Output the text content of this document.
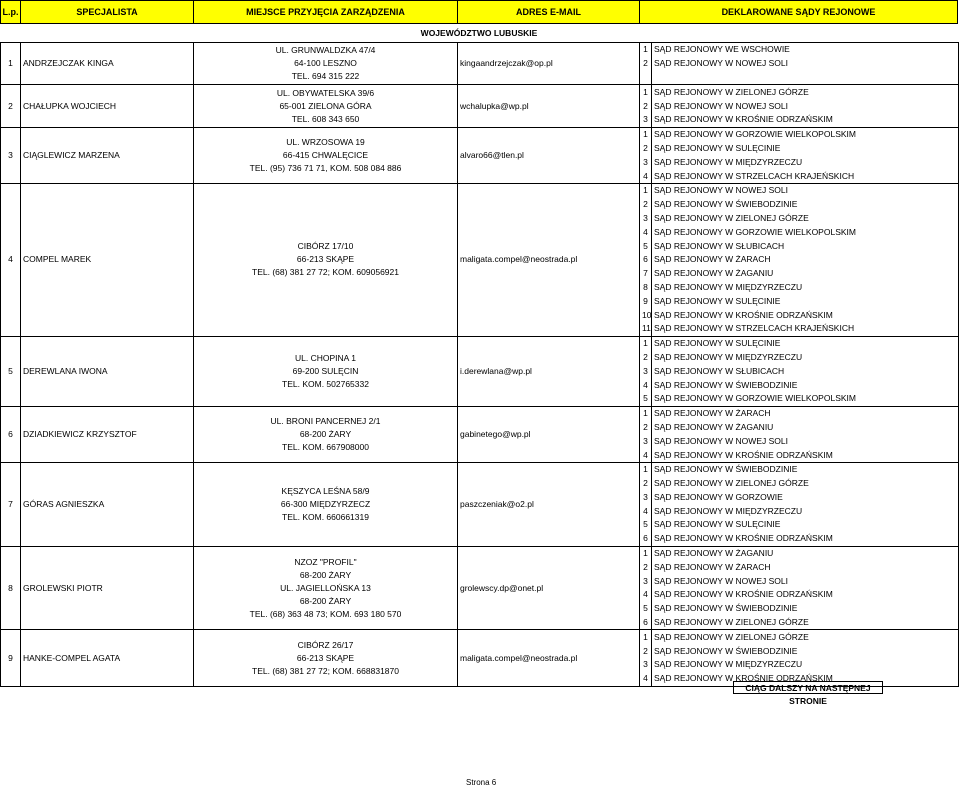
L.p.	SPECJALISTA	MIEJSCE PRZYJĘCIA ZARZĄDZENIA	ADRES E-MAIL	DEKLAROWANE SĄDY REJONOWE
WOJEWÓDZTWO LUBUSKIE
1	ANDRZEJCZAK KINGA	UL. GRUNWALDZKA 47/4
64-100 LESZNO
TEL. 694 315 222	kingaandrzejczak@op.pl	1	SĄD REJONOWY WE WSCHOWIE
				2	SĄD REJONOWY W NOWEJ SOLI

2	CHAŁUPKA WOJCIECH	UL. OBYWATELSKA 39/6
65-001 ZIELONA GÓRA
TEL. 608 343 650	wchalupka@wp.pl	1	SĄD REJONOWY W ZIELONEJ GÓRZE
				2	SĄD REJONOWY W NOWEJ SOLI
				3	SĄD REJONOWY W KROŚNIE ODRZAŃSKIM
3	CIĄGLEWICZ MARZENA	UL. WRZOSOWA 19
66-415 CHWALĘCICE
TEL. (95) 736 71 71, KOM. 508 084 886	alvaro66@tlen.pl	1	SĄD REJONOWY W GORZOWIE WIELKOPOLSKIM
				2	SĄD REJONOWY W SULĘCINIE
				3	SĄD REJONOWY W MIĘDZYRZECZU
				4	SĄD REJONOWY W STRZELCACH KRAJEŃSKICH
4	COMPEL MAREK	CIBÓRZ 17/10
66-213 SKĄPE
TEL. (68) 381 27 72; KOM. 609056921	maligata.compel@neostrada.pl	1	SĄD REJONOWY W NOWEJ SOLI
				2	SĄD REJONOWY W ŚWIEBODZINIE
				3	SĄD REJONOWY W ZIELONEJ GÓRZE
				4	SĄD REJONOWY W GORZOWIE WIELKOPOLSKIM
				5	SĄD REJONOWY W SŁUBICACH
				6	SĄD REJONOWY W ŻARACH
				7	SĄD REJONOWY W ŻAGANIU
				8	SĄD REJONOWY W MIĘDZYRZECZU
				9	SĄD REJONOWY W SULĘCINIE
				10	SĄD REJONOWY W KROŚNIE ODRZAŃSKIM
				11	SĄD REJONOWY W STRZELCACH KRAJEŃSKICH
5	DEREWLANA IWONA	UL. CHOPINA 1
69-200 SULĘCIN
TEL. KOM. 502765332	i.derewlana@wp.pl	1	SĄD REJONOWY W SULĘCINIE
				2	SĄD REJONOWY W MIĘDZYRZECZU
				3	SĄD REJONOWY W SŁUBICACH
				4	SĄD REJONOWY W ŚWIEBODZINIE
				5	SĄD REJONOWY W GORZOWIE WIELKOPOLSKIM
6	DZIADKIEWICZ KRZYSZTOF	UL. BRONI PANCERNEJ 2/1
68-200 ŻARY
TEL. KOM. 667908000	gabinetego@wp.pl	1	SĄD REJONOWY W ŻARACH
				2	SĄD REJONOWY W ŻAGANIU
				3	SĄD REJONOWY W NOWEJ SOLI
				4	SĄD REJONOWY W KROŚNIE ODRZAŃSKIM
7	GÓRAS AGNIESZKA	KĘSZYCA LEŚNA 58/9
66-300 MIĘDZYRZECZ
TEL. KOM. 660661319	paszczeniak@o2.pl	1	SĄD REJONOWY W ŚWIEBODZINIE
				2	SĄD REJONOWY W ZIELONEJ GÓRZE
				3	SĄD REJONOWY W GORZOWIE
				4	SĄD REJONOWY W MIĘDZYRZECZU
				5	SĄD REJONOWY W SULĘCINIE
				6	SĄD REJONOWY W KROŚNIE ODRZAŃSKIM
8	GROLEWSKI PIOTR	NZOZ "PROFIL"
68-200 ŻARY
UL. JAGIELLOŃSKA 13
68-200 ŻARY
TEL. (68) 363 48 73; KOM. 693 180 570	grolewscy.dp@onet.pl	1	SĄD REJONOWY W ŻAGANIU
				2	SĄD REJONOWY W ŻARACH
				3	SĄD REJONOWY W NOWEJ SOLI
				4	SĄD REJONOWY W KROŚNIE ODRZAŃSKIM
				5	SĄD REJONOWY W ŚWIEBODZINIE
				6	SĄD REJONOWY W ZIELONEJ GÓRZE
9	HANKE-COMPEL AGATA	CIBÓRZ 26/17
66-213 SKĄPE
TEL. (68) 381 27 72; KOM. 668831870	maligata.compel@neostrada.pl	1	SĄD REJONOWY W ZIELONEJ GÓRZE
				2	SĄD REJONOWY W ŚWIEBODZINIE
				3	SĄD REJONOWY W MIĘDZYRZECZU
				4	SĄD REJONOWY W KROŚNIE ODRZAŃSKIM
CIĄG DALSZY NA NASTĘPNEJ STRONIE
Strona 6
